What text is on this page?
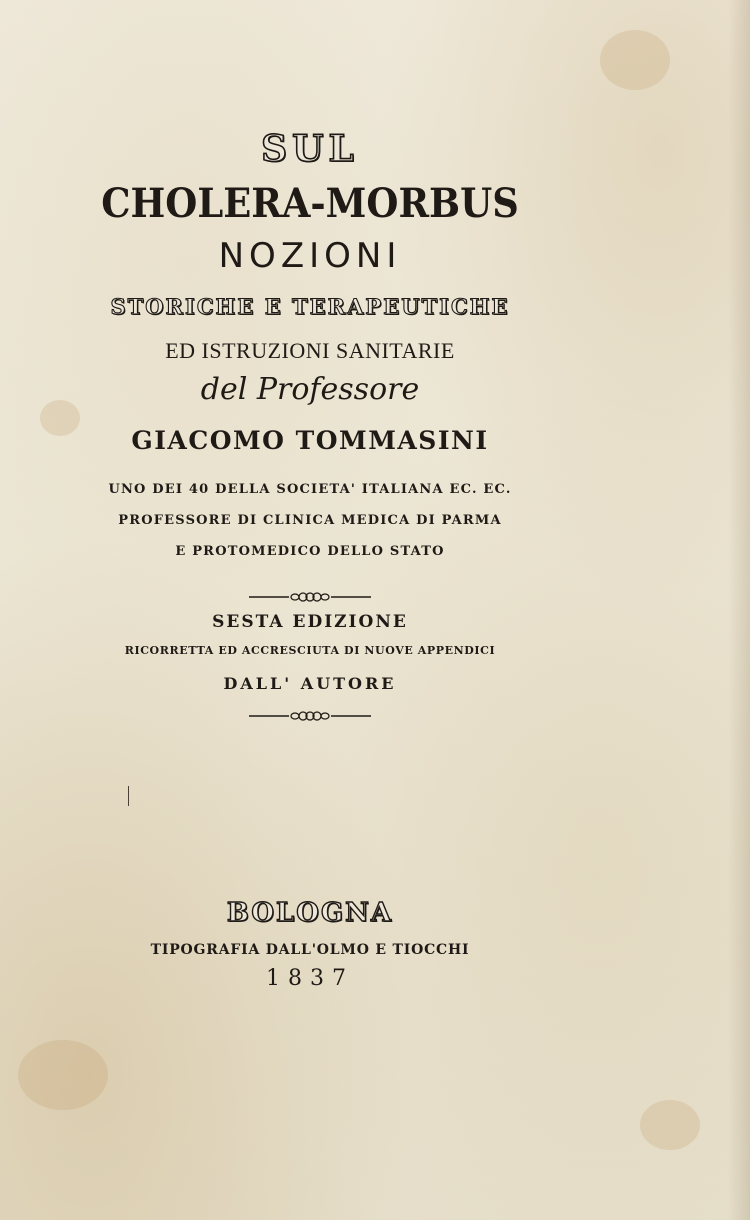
SUL
CHOLERA-MORBUS
NOZIONI
STORICHE E TERAPEUTICHE
ED ISTRUZIONI SANITARIE
del Professore
GIACOMO TOMMASINI
UNO DEI 40 DELLA SOCIETA' ITALIANA EC. EC.
PROFESSORE DI CLINICA MEDICA DI PARMA
E PROTOMEDICO DELLO STATO
SESTA EDIZIONE
RICORRETTA ED ACCRESCIUTA DI NUOVE APPENDICI
DALL' AUTORE
BOLOGNA
TIPOGRAFIA DALL'OLMO E TIOCCHI
1837
